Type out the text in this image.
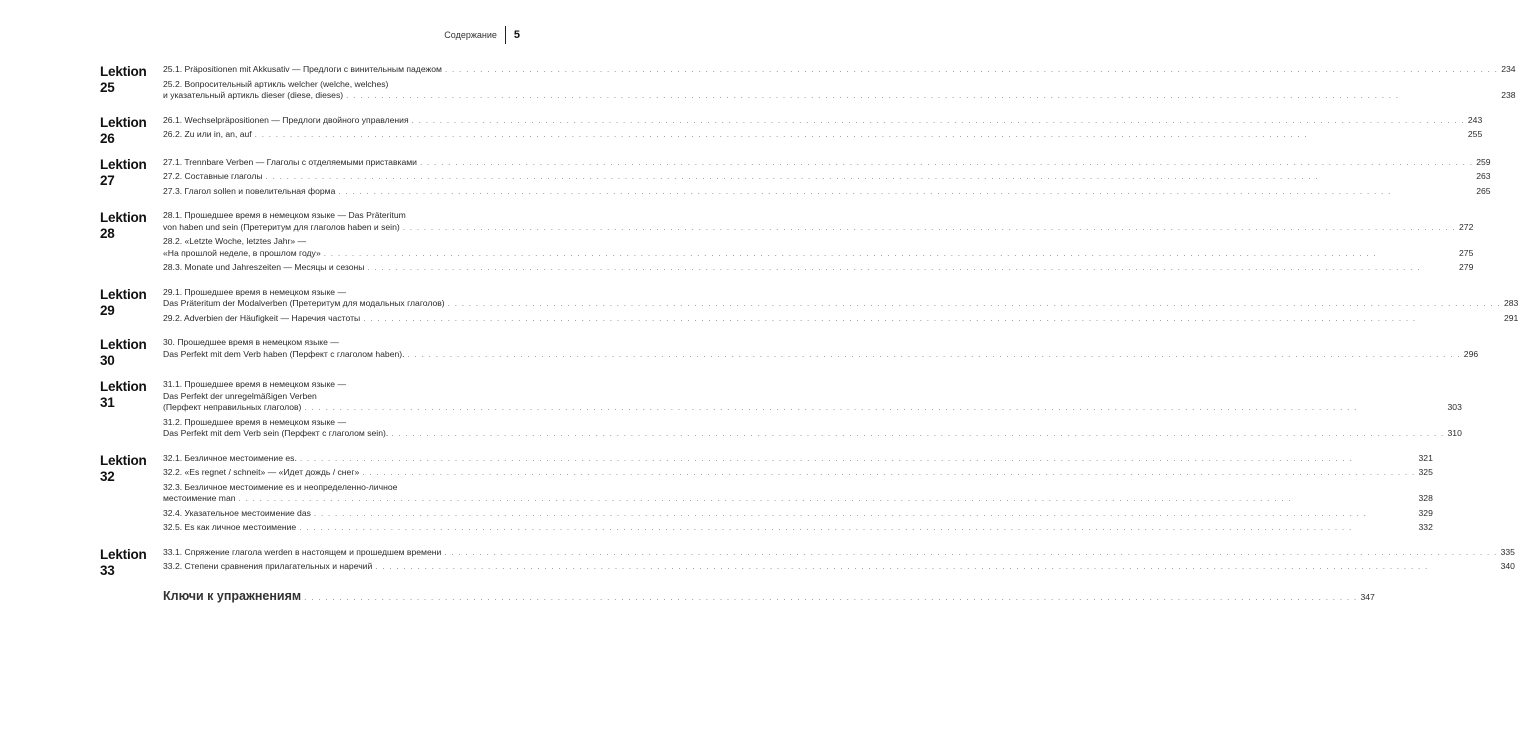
Содержание 5
Lektion 25
25.1. Präpositionen mit Akkusativ — Предлоги с винительным падежом . . . . . . . . . . . . . . . . . . . . . . . . . . . . . . . . . . . . . . . . . . . . . . . . . . . . . . . . . . . . . . . . . . . . . . . . . . . . . . . . . . . . . . . . . . . . . . . . . . . . . . . . . . . . . . . . . . . . . . . . . . . . . . . . . . . . . . . . . . . . . . . . . . . . . . 234
25.2. Вопросительный артикль welcher (welche, welches)
и указательный артикль dieser (diese, dieses) . . . . . . . . . . . . . . . . . . . . . . . . . . . . . . . . . . . . . . . . . . . . . . . . . . . . . . . . . . . . . . . . . . . . . . . . . . . . . . . . . . . . . . . . . . . . . . . . . . . . . . . . . . . . . . . . . . . . . . . . . . . . . . . . . . . . . . . . . . . . . . . . . . . . . .	238
Lektion 26
26.1. Wechselpräpositionen — Предлоги двойного управления . . . . . . . . . . . . . . . . . . . . . . . . . . . . . . . . . . . . . . . . . . . . . . . . . . . . . . . . . . . . . . . . . . . . . . . . . . . . . . . . . . . . . . . . . . . . . . . . . . . . . . . . . . . . . . . . . . . . . . . . . . . . . . . . . . . . . . . . . . . . . . . . . . . . . . 243
26.2. Zu или in, an, auf . . . . . . . . . . . . . . . . . . . . . . . . . . . . . . . . . . . . . . . . . . . . . . . . . . . . . . . . . . . . . . . . . . . . . . . . . . . . . . . . . . . . . . . . . . . . . . . . . . . . . . . . . . . . . . . . . . . . . . . . . . . . . . . . . . . . . . . . . . . . . . . . . . . . . .	255
Lektion 27
27.1. Trennbare Verben — Глаголы с отделяемыми приставками . . . . . . . . . . . . . . . . . . . . . . . . . . . . . . . . . . . . . . . . . . . . . . . . . . . . . . . . . . . . . . . . . . . . . . . . . . . . . . . . . . . . . . . . . . . . . . . . . . . . . . . . . . . . . . . . . . . . . . . . . . . . . . . . . . . . . . . . . . . . . . . . . . . . . . 259
27.2. Составные глаголы . . . . . . . . . . . . . . . . . . . . . . . . . . . . . . . . . . . . . . . . . . . . . . . . . . . . . . . . . . . . . . . . . . . . . . . . . . . . . . . . . . . . . . . . . . . . . . . . . . . . . . . . . . . . . . . . . . . . . . . . . . . . . . . . . . . . . . . . . . . . . . . . . . . . . .	263
27.3. Глагол sollen и повелительная форма . . . . . . . . . . . . . . . . . . . . . . . . . . . . . . . . . . . . . . . . . . . . . . . . . . . . . . . . . . . . . . . . . . . . . . . . . . . . . . . . . . . . . . . . . . . . . . . . . . . . . . . . . . . . . . . . . . . . . . . . . . . . . . . . . . . . . . . . . . . . . . . . . . . . . .	265
Lektion 28
28.1. Прошедшее время в немецком языке — Das Präteritum
von haben und sein (Претеритум для глаголов haben и sein) . . . . . . . . . . . . . . . . . . . . . . . . . . . . . . . . . . . . . . . . . . . . . . . . . . . . . . . . . . . . . . . . . . . . . . . . . . . . . . . . . . . . . . . . . . . . . . . . . . . . . . . . . . . . . . . . . . . . . . . . . . . . . . . . . . . . . . . . . . . . . . . . . . . . . . 272
28.2. «Letzte Woche, letztes Jahr» —
«На прошлой неделе, в прошлом году» . . . . . . . . . . . . . . . . . . . . . . . . . . . . . . . . . . . . . . . . . . . . . . . . . . . . . . . . . . . . . . . . . . . . . . . . . . . . . . . . . . . . . . . . . . . . . . . . . . . . . . . . . . . . . . . . . . . . . . . . . . . . . . . . . . . . . . . . . . . . . . . . . . . . . .	275
28.3. Monate und Jahreszeiten — Месяцы и сезоны . . . . . . . . . . . . . . . . . . . . . . . . . . . . . . . . . . . . . . . . . . . . . . . . . . . . . . . . . . . . . . . . . . . . . . . . . . . . . . . . . . . . . . . . . . . . . . . . . . . . . . . . . . . . . . . . . . . . . . . . . . . . . . . . . . . . . . . . . . . . . . . . . . . . . .	279
Lektion 29
29.1. Прошедшее время в немецком языке —
Das Präteritum der Modalverben (Претеритум для модальных глаголов) . . . . . . . . . . . . . . . . . . . . . . . . . . . . . . . . . . . . . . . . . . . . . . . . . . . . . . . . . . . . . . . . . . . . . . . . . . . . . . . . . . . . . . . . . . . . . . . . . . . . . . . . . . . . . . . . . . . . . . . . . . . . . . . . . . . . . . . . . . . . . . . . . . . . . . 283
29.2. Adverbien der Häufigkeit — Наречия частоты . . . . . . . . . . . . . . . . . . . . . . . . . . . . . . . . . . . . . . . . . . . . . . . . . . . . . . . . . . . . . . . . . . . . . . . . . . . . . . . . . . . . . . . . . . . . . . . . . . . . . . . . . . . . . . . . . . . . . . . . . . . . . . . . . . . . . . . . . . . . . . . . . . . . . .	291
Lektion 30
30. Прошедшее время в немецком языке —
Das Perfekt mit dem Verb haben (Перфект с глаголом haben). . . . . . . . . . . . . . . . . . . . . . . . . . . . . . . . . . . . . . . . . . . . . . . . . . . . . . . . . . . . . . . . . . . . . . . . . . . . . . . . . . . . . . . . . . . . . . . . . . . . . . . . . . . . . . . . . . . . . . . . . . . . . . . . . . . . . . . . . . . . . . . . . . . . . . . 296
Lektion 31
31.1. Прошедшее время в немецком языке —
Das Perfekt der unregelmäßigen Verben
(Перфект неправильных глаголов) . . . . . . . . . . . . . . . . . . . . . . . . . . . . . . . . . . . . . . . . . . . . . . . . . . . . . . . . . . . . . . . . . . . . . . . . . . . . . . . . . . . . . . . . . . . . . . . . . . . . . . . . . . . . . . . . . . . . . . . . . . . . . . . . . . . . . . . . . . . . . . . . . . . . . .	303
31.2. Прошедшее время в немецком языке —
Das Perfekt mit dem Verb sein (Перфект с глаголом sein). . . . . . . . . . . . . . . . . . . . . . . . . . . . . . . . . . . . . . . . . . . . . . . . . . . . . . . . . . . . . . . . . . . . . . . . . . . . . . . . . . . . . . . . . . . . . . . . . . . . . . . . . . . . . . . . . . . . . . . . . . . . . . . . . . . . . . . . . . . . . . . . . . . . . . . 310
Lektion 32
32.1. Безличное местоимение es. . . . . . . . . . . . . . . . . . . . . . . . . . . . . . . . . . . . . . . . . . . . . . . . . . . . . . . . . . . . . . . . . . . . . . . . . . . . . . . . . . . . . . . . . . . . . . . . . . . . . . . . . . . . . . . . . . . . . . . . . . . . . . . . . . . . . . . . . . . . . . . . . . . . . . .	321
32.2. «Es regnet / schneit» — «Идет дождь / снег» . . . . . . . . . . . . . . . . . . . . . . . . . . . . . . . . . . . . . . . . . . . . . . . . . . . . . . . . . . . . . . . . . . . . . . . . . . . . . . . . . . . . . . . . . . . . . . . . . . . . . . . . . . . . . . . . . . . . . . . . . . . . . . . . . . . . . . . . . . . . . . . . . . . . . . 325
32.3. Безличное местоимение es и неопределенно-личное
местоимение man . . . . . . . . . . . . . . . . . . . . . . . . . . . . . . . . . . . . . . . . . . . . . . . . . . . . . . . . . . . . . . . . . . . . . . . . . . . . . . . . . . . . . . . . . . . . . . . . . . . . . . . . . . . . . . . . . . . . . . . . . . . . . . . . . . . . . . . . . . . . . . . . . . . . . .	328
32.4. Указательное местоимение das . . . . . . . . . . . . . . . . . . . . . . . . . . . . . . . . . . . . . . . . . . . . . . . . . . . . . . . . . . . . . . . . . . . . . . . . . . . . . . . . . . . . . . . . . . . . . . . . . . . . . . . . . . . . . . . . . . . . . . . . . . . . . . . . . . . . . . . . . . . . . . . . . . . . . .	329
32.5. Es как личное местоимение . . . . . . . . . . . . . . . . . . . . . . . . . . . . . . . . . . . . . . . . . . . . . . . . . . . . . . . . . . . . . . . . . . . . . . . . . . . . . . . . . . . . . . . . . . . . . . . . . . . . . . . . . . . . . . . . . . . . . . . . . . . . . . . . . . . . . . . . . . . . . . . . . . . . . .	332
Lektion 33
33.1. Спряжение глагола werden в настоящем и прошедшем времени . . . . . . . . . . . . . . . . . . . . . . . . . . . . . . . . . . . . . . . . . . . . . . . . . . . . . . . . . . . . . . . . . . . . . . . . . . . . . . . . . . . . . . . . . . . . . . . . . . . . . . . . . . . . . . . . . . . . . . . . . . . . . . . . . . . . . . . . . . . . . . . . . . . . . . 335
33.2. Степени сравнения прилагательных и наречий . . . . . . . . . . . . . . . . . . . . . . . . . . . . . . . . . . . . . . . . . . . . . . . . . . . . . . . . . . . . . . . . . . . . . . . . . . . . . . . . . . . . . . . . . . . . . . . . . . . . . . . . . . . . . . . . . . . . . . . . . . . . . . . . . . . . . . . . . . . . . . . . . . . . . .	340
Ключи к упражнениям . . . . . . . . . . . . . . . . . . . . . . . . . . . . . . . . . . . . . . . . . . . . . . . . . . . . . . . . . . . . . . . . . . . . . . . . . . . . . . . . . . . . . . . . . . . . . . . . . . . . . . . . . . . . . . . . . . . . . . . . . . . . . . . . . . . . . . . . . . . . . . . . . . . . . . 347
